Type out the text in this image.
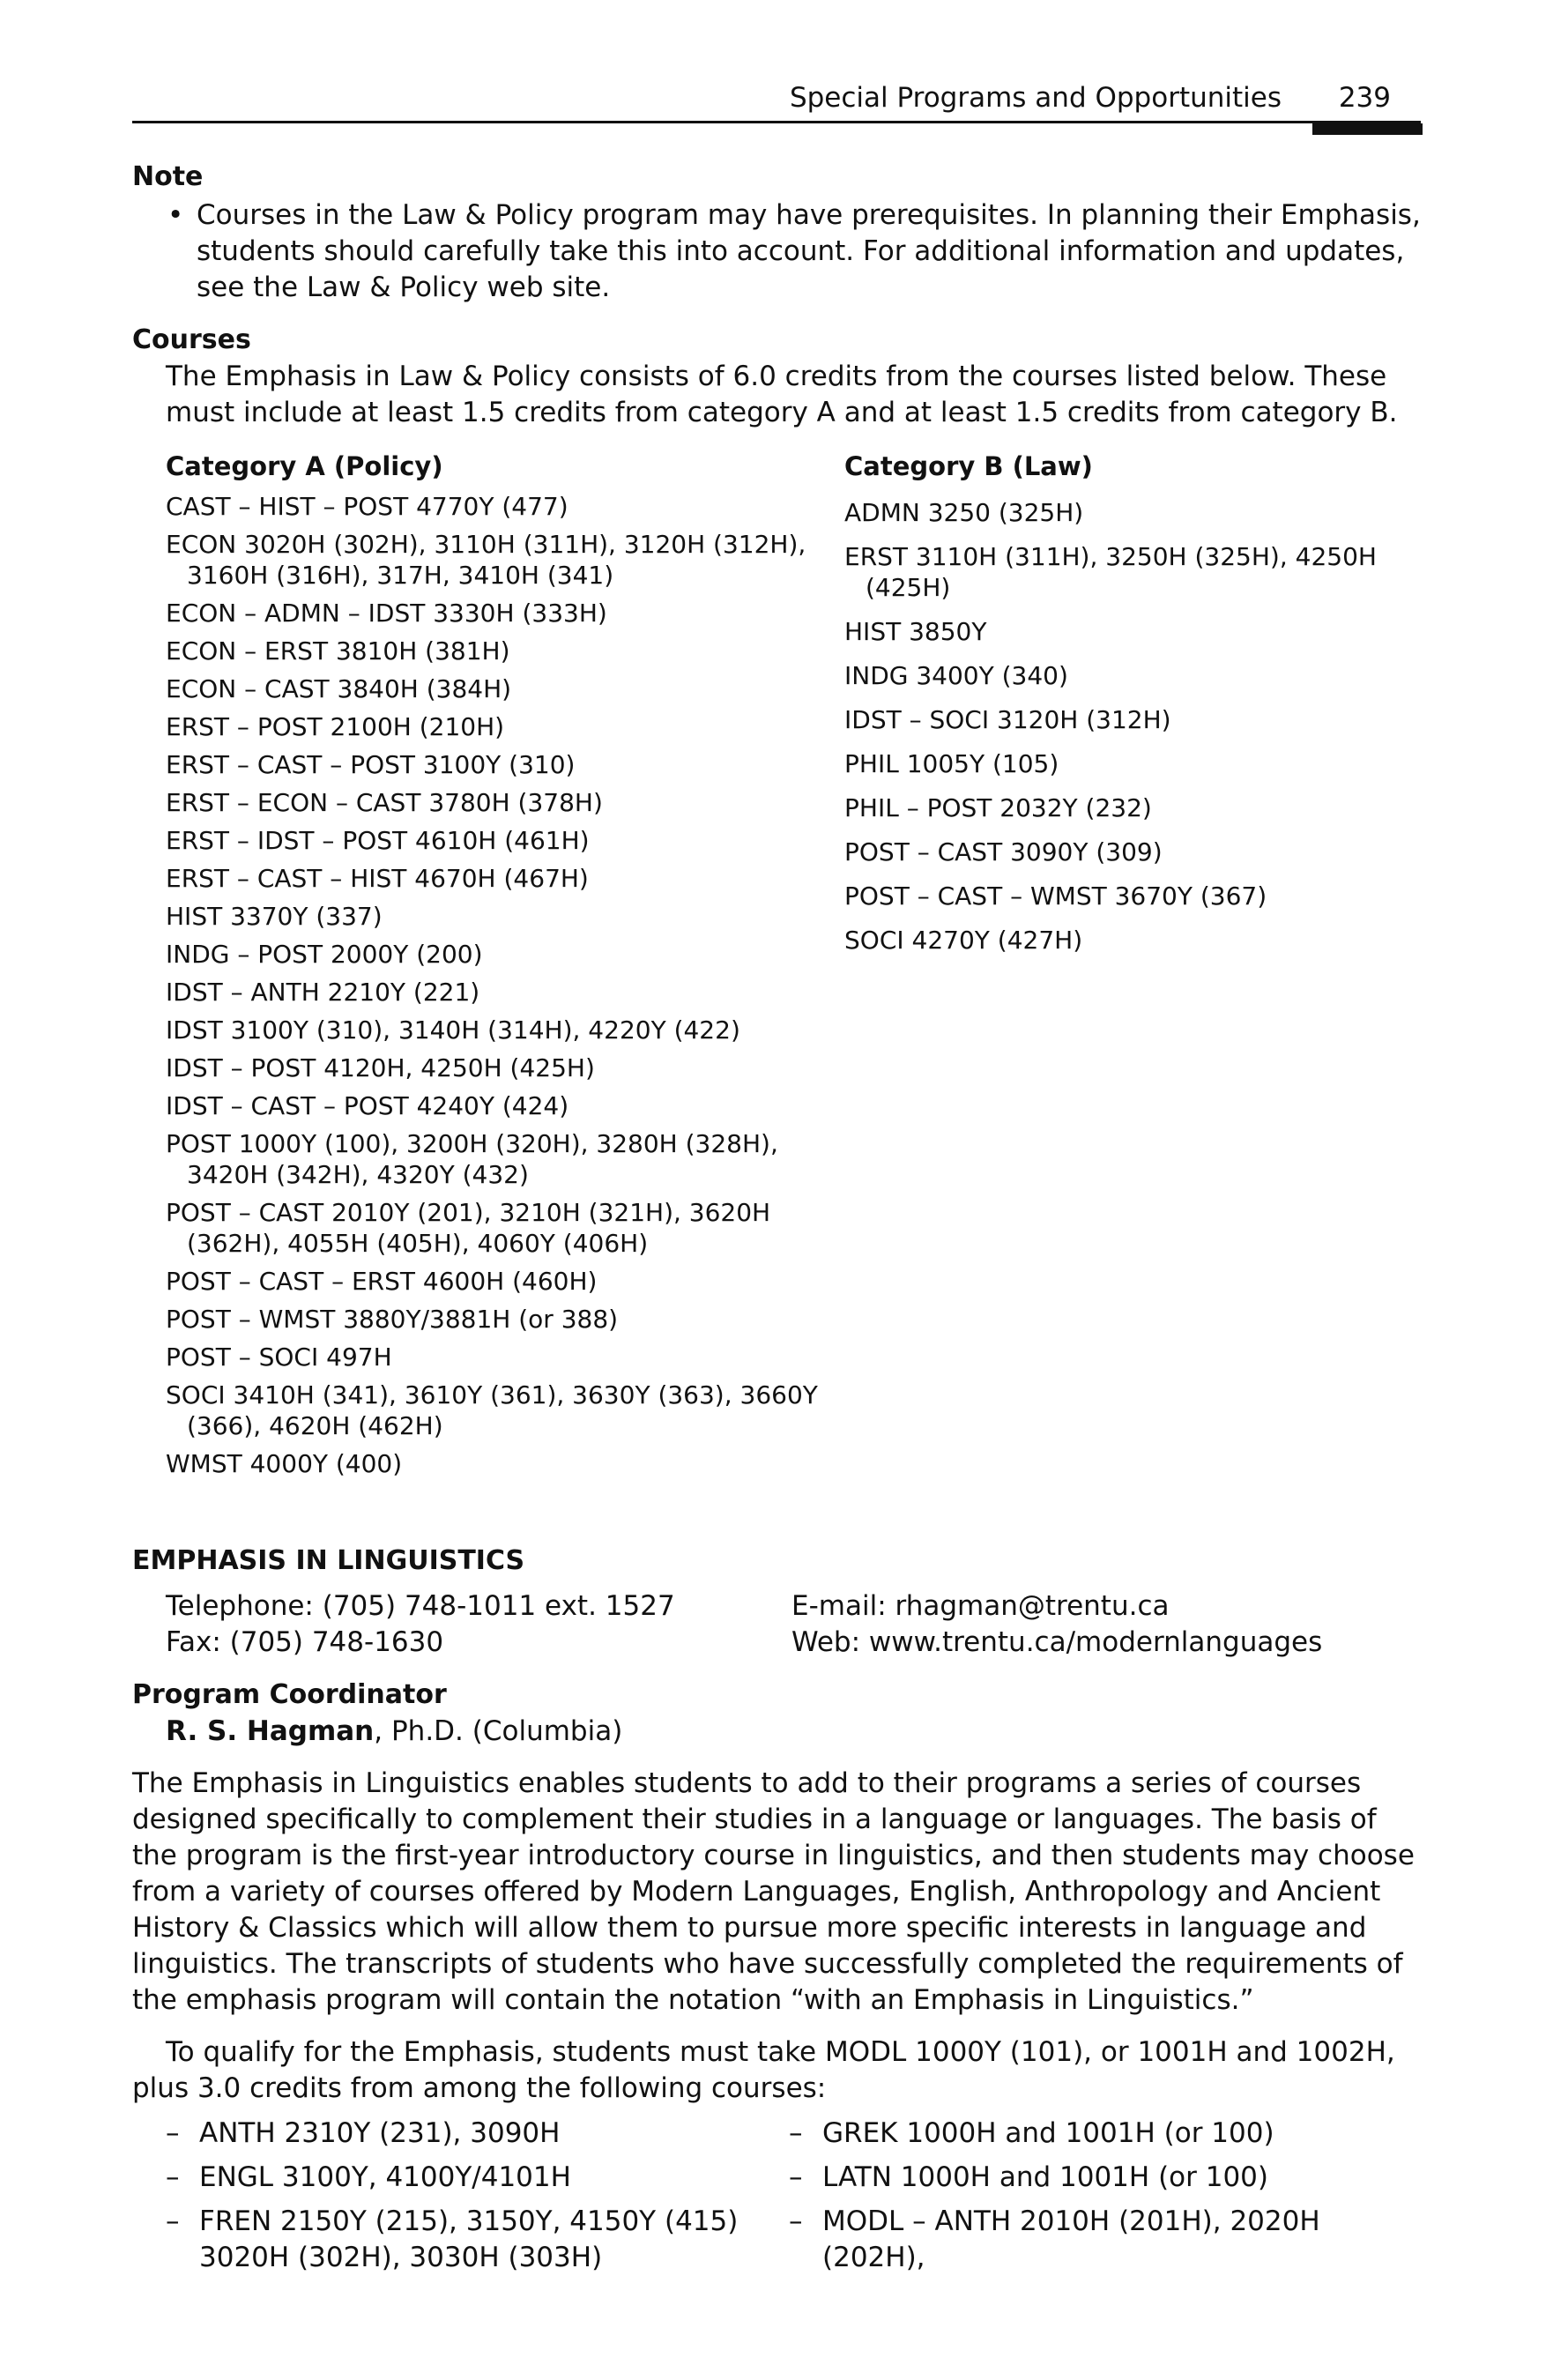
Special Programs and Opportunities 239
Note
• Courses in the Law & Policy program may have prerequisites. In planning their Emphasis, students should carefully take this into account. For additional information and updates, see the Law & Policy web site.
Courses

The Emphasis in Law & Policy consists of 6.0 credits from the courses listed below. These must include at least 1.5 credits from category A and at least 1.5 credits from category B.

Category A (Policy)
CAST – HIST – POST 4770Y (477)
ECON 3020H (302H), 3110H (311H), 3120H (312H), 3160H (316H), 317H, 3410H (341)
ECON – ADMN – IDST 3330H (333H)
ECON – ERST 3810H (381H)
ECON – CAST 3840H (384H)
ERST – POST 2100H (210H)
ERST – CAST – POST 3100Y (310)
ERST – ECON – CAST 3780H (378H)
ERST – IDST – POST 4610H (461H)
ERST – CAST – HIST 4670H (467H)
HIST 3370Y (337)
INDG – POST 2000Y (200)
IDST – ANTH 2210Y (221)
IDST 3100Y (310), 3140H (314H), 4220Y (422)
IDST – POST 4120H, 4250H (425H)
IDST – CAST – POST 4240Y (424)
POST 1000Y (100), 3200H (320H), 3280H (328H), 3420H (342H), 4320Y (432)
POST – CAST 2010Y (201), 3210H (321H), 3620H (362H), 4055H (405H), 4060Y (406H)
POST – CAST – ERST 4600H (460H)
POST – WMST 3880Y/3881H (or 388)
POST – SOCI 497H
SOCI 3410H (341), 3610Y (361), 3630Y (363), 3660Y (366), 4620H (462H)
WMST 4000Y (400)
Category B (Law)
ADMN 3250 (325H)
ERST 3110H (311H), 3250H (325H), 4250H (425H)
HIST 3850Y
INDG 3400Y (340)
IDST – SOCI 3120H (312H)
PHIL 1005Y (105)
PHIL – POST 2032Y (232)
POST – CAST 3090Y (309)
POST – CAST – WMST 3670Y (367)
SOCI 4270Y (427H)
EMPHASIS IN LINGUISTICS
Telephone: (705) 748-1011 ext. 1527
Fax: (705) 748-1630
E-mail: rhagman@trentu.ca
Web: www.trentu.ca/modernlanguages
Program Coordinator
R. S. Hagman, Ph.D. (Columbia)

The Emphasis in Linguistics enables students to add to their programs a series of courses designed specifically to complement their studies in a language or languages. The basis of the program is the first-year introductory course in linguistics, and then students may choose from a variety of courses offered by Modern Languages, English, Anthropology and Ancient History & Classics which will allow them to pursue more specific interests in language and linguistics. The transcripts of students who have successfully completed the requirements of the emphasis program will contain the notation “with an Emphasis in Linguistics.”

To qualify for the Emphasis, students must take MODL 1000Y (101), or 1001H and 1002H, plus 3.0 credits from among the following courses:

– ANTH 2310Y (231), 3090H
– ENGL 3100Y, 4100Y/4101H
– FREN 2150Y (215), 3150Y, 4150Y (415) 3020H (302H), 3030H (303H)
– GREK 1000H and 1001H (or 100)
– LATN 1000H and 1001H (or 100)
– MODL – ANTH 2010H (201H), 2020H (202H),
